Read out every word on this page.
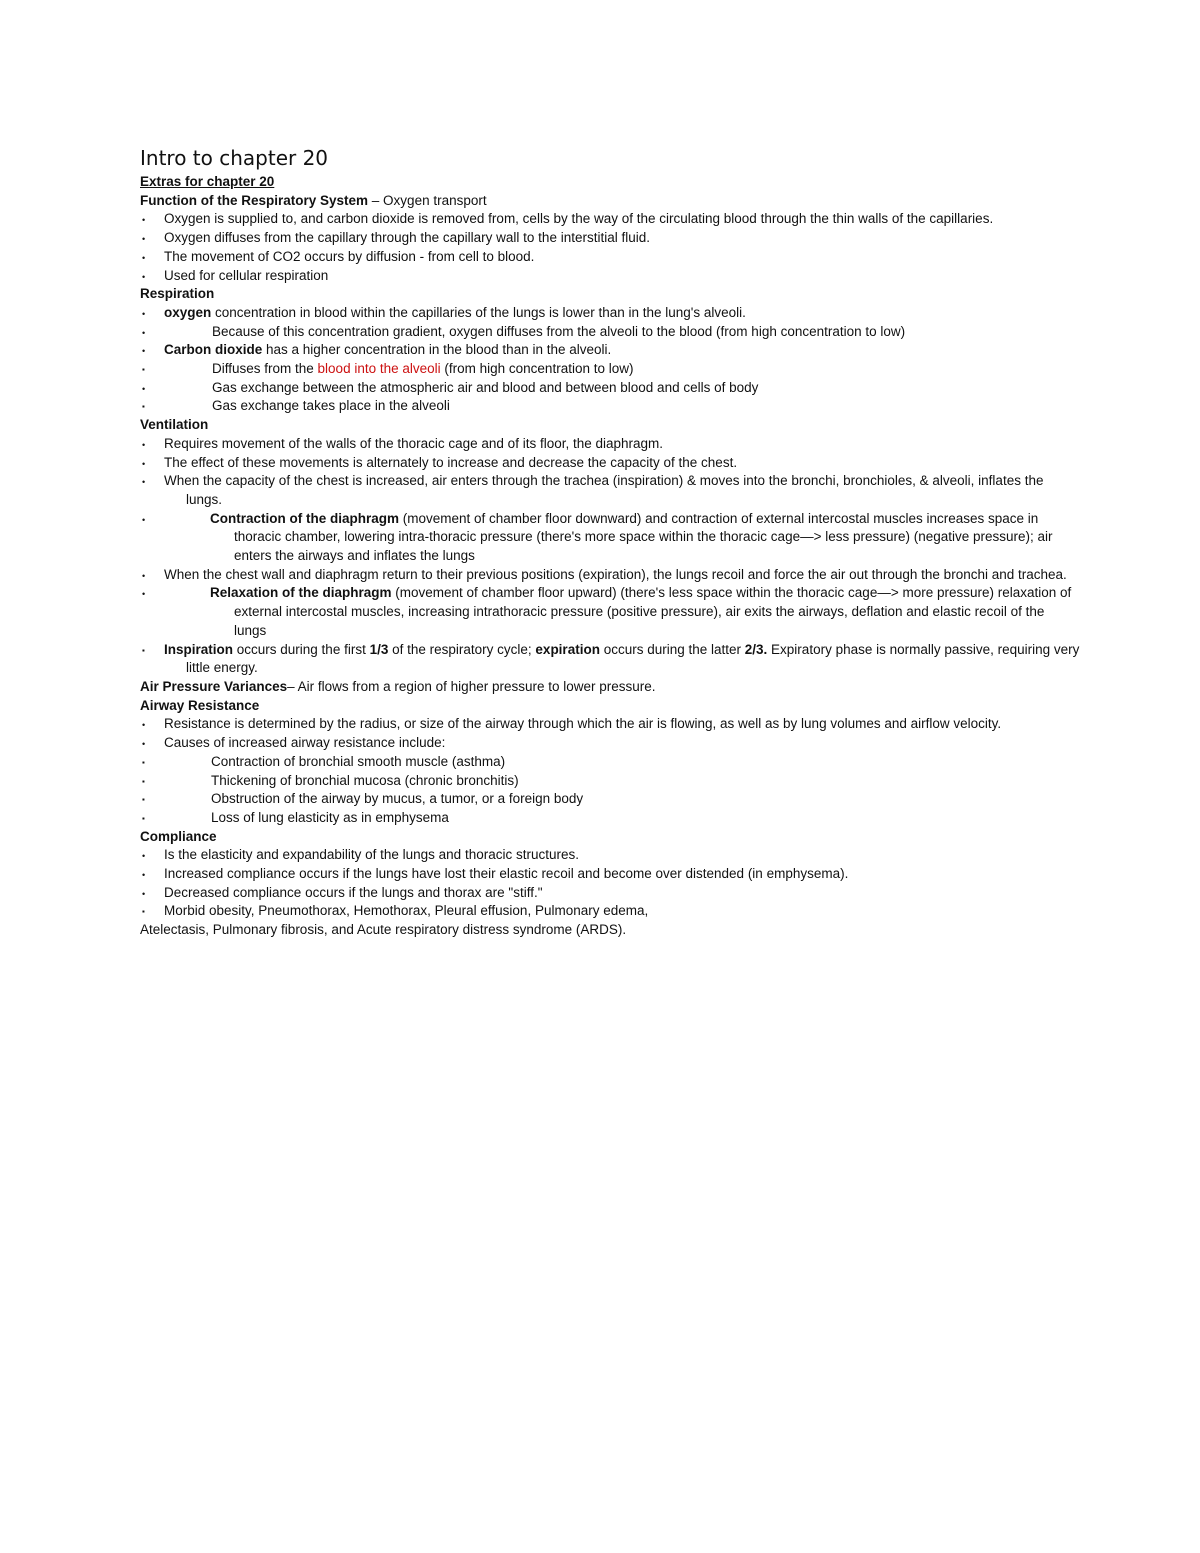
Intro to chapter 20
Extras for chapter 20
Function of the Respiratory System – Oxygen transport
• Oxygen is supplied to, and carbon dioxide is removed from, cells by the way of the circulating blood through the thin walls of the capillaries.
• Oxygen diffuses from the capillary through the capillary wall to the interstitial fluid.
• The movement of CO2 occurs by diffusion - from cell to blood.
• Used for cellular respiration
Respiration
• oxygen concentration in blood within the capillaries of the lungs is lower than in the lung's alveoli.
•	Because of this concentration gradient, oxygen diffuses from the alveoli to the blood (from high concentration to low)
• Carbon dioxide has a higher concentration in the blood than in the alveoli.
▪	Diffuses from the blood into the alveoli (from high concentration to low)
•	Gas exchange between the atmospheric air and blood and between blood and cells of body
▪	Gas exchange takes place in the alveoli
Ventilation
• Requires movement of the walls of the thoracic cage and of its floor, the diaphragm.
• The effect of these movements is alternately to increase and decrease the capacity of the chest.
• When the capacity of the chest is increased, air enters through the trachea (inspiration) & moves into the bronchi, bronchioles, & alveoli, inflates the lungs.
•	Contraction of the diaphragm (movement of chamber floor downward) and contraction of external intercostal muscles increases space in thoracic chamber, lowering intra-thoracic pressure (there's more space within the thoracic cage—> less pressure) (negative pressure); air enters the airways and inflates the lungs
• When the chest wall and diaphragm return to their previous positions (expiration), the lungs recoil and force the air out through the bronchi and trachea.
•	Relaxation of the diaphragm (movement of chamber floor upward) (there's less space within the thoracic cage—> more pressure) relaxation of external intercostal muscles, increasing intrathoracic pressure (positive pressure), air exits the airways, deflation and elastic recoil of the lungs
▪ Inspiration occurs during the first 1/3 of the respiratory cycle; expiration occurs during the latter 2/3. Expiratory phase is normally passive, requiring very little energy.
Air Pressure Variances– Air flows from a region of higher pressure to lower pressure.
Airway Resistance
• Resistance is determined by the radius, or size of the airway through which the air is flowing, as well as by lung volumes and airflow velocity.
• Causes of increased airway resistance include:
▪	Contraction of bronchial smooth muscle (asthma)
▪	Thickening of bronchial mucosa (chronic bronchitis)
▪	Obstruction of the airway by mucus, a tumor, or a foreign body
▪	Loss of lung elasticity as in emphysema
Compliance
• Is the elasticity and expandability of the lungs and thoracic structures.
• Increased compliance occurs if the lungs have lost their elastic recoil and become over distended (in emphysema).
• Decreased compliance occurs if the lungs and thorax are "stiff."
▪ Morbid obesity, Pneumothorax, Hemothorax, Pleural effusion, Pulmonary edema,
Atelectasis, Pulmonary fibrosis, and Acute respiratory distress syndrome (ARDS).
